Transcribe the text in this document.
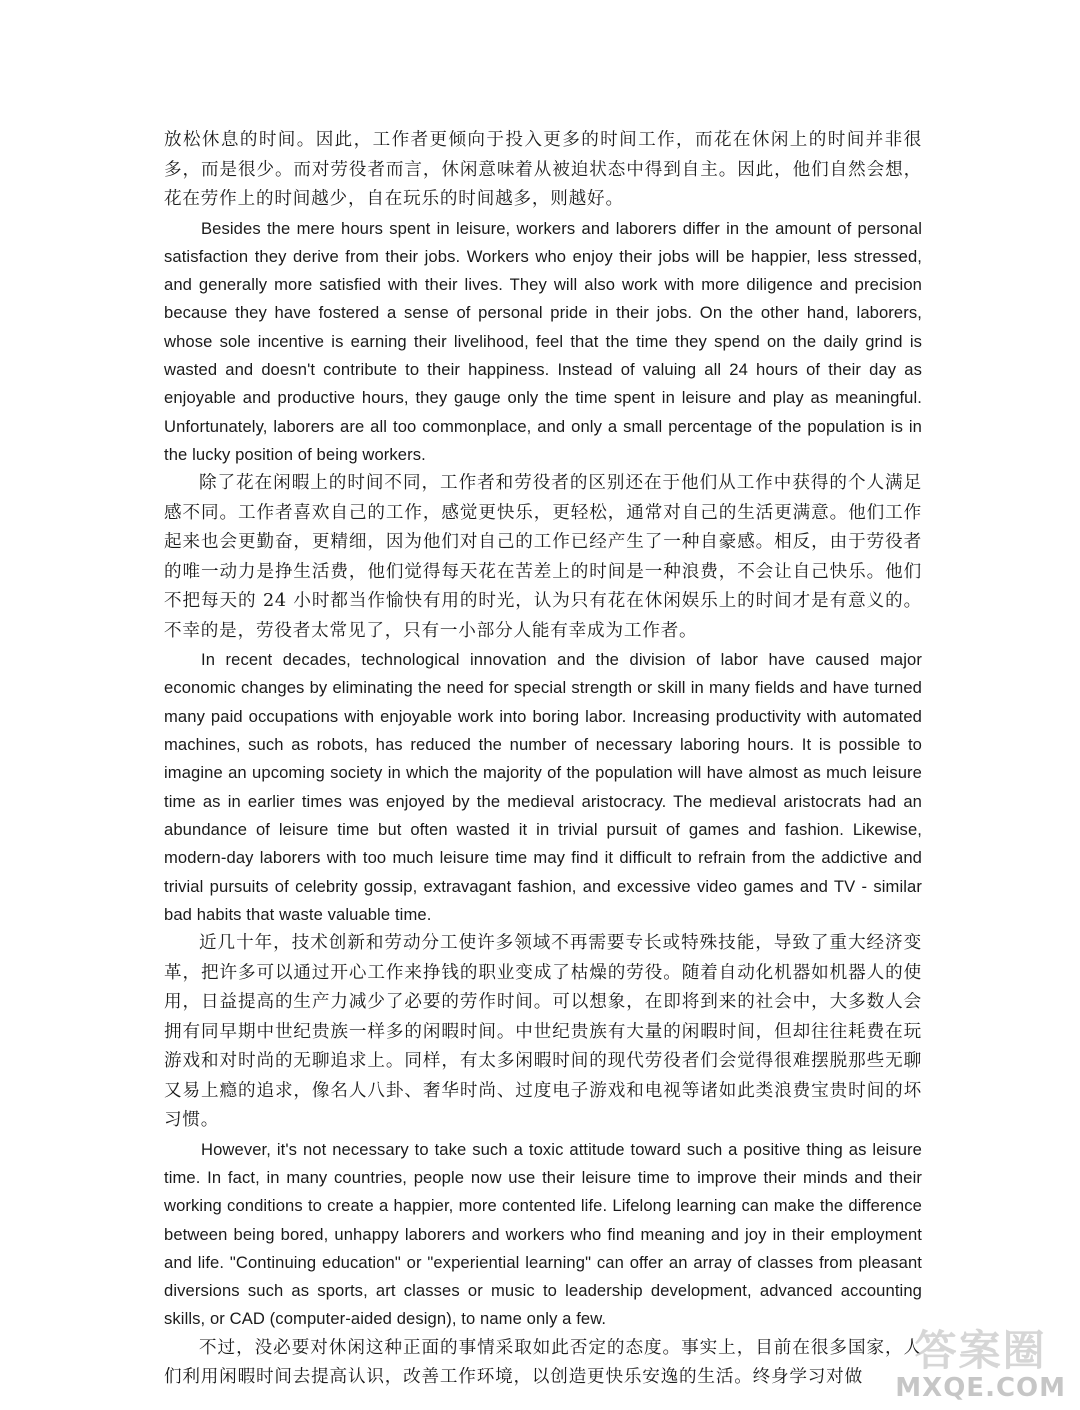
放松休息的时间。因此，工作者更倾向于投入更多的时间工作，而花在休闲上的时间并非很多，而是很少。而对劳役者而言，休闲意味着从被迫状态中得到自主。因此，他们自然会想，花在劳作上的时间越少，自在玩乐的时间越多，则越好。

Besides the mere hours spent in leisure, workers and laborers differ in the amount of personal satisfaction they derive from their jobs. Workers who enjoy their jobs will be happier, less stressed, and generally more satisfied with their lives. They will also work with more diligence and precision because they have fostered a sense of personal pride in their jobs. On the other hand, laborers, whose sole incentive is earning their livelihood, feel that the time they spend on the daily grind is wasted and doesn't contribute to their happiness. Instead of valuing all 24 hours of their day as enjoyable and productive hours, they gauge only the time spent in leisure and play as meaningful. Unfortunately, laborers are all too commonplace, and only a small percentage of the population is in the lucky position of being workers.

除了花在闲暇上的时间不同，工作者和劳役者的区别还在于他们从工作中获得的个人满足感不同。工作者喜欢自己的工作，感觉更快乐，更轻松，通常对自己的生活更满意。他们工作起来也会更勤奋，更精细，因为他们对自己的工作已经产生了一种自豪感。相反，由于劳役者的唯一动力是挣生活费，他们觉得每天花在苦差上的时间是一种浪费，不会让自己快乐。他们不把每天的 24 小时都当作愉快有用的时光，认为只有花在休闲娱乐上的时间才是有意义的。不幸的是，劳役者太常见了，只有一小部分人能有幸成为工作者。

In recent decades, technological innovation and the division of labor have caused major economic changes by eliminating the need for special strength or skill in many fields and have turned many paid occupations with enjoyable work into boring labor. Increasing productivity with automated machines, such as robots, has reduced the number of necessary laboring hours. It is possible to imagine an upcoming society in which the majority of the population will have almost as much leisure time as in earlier times was enjoyed by the medieval aristocracy. The medieval aristocrats had an abundance of leisure time but often wasted it in trivial pursuit of games and fashion. Likewise, modern-day laborers with too much leisure time may find it difficult to refrain from the addictive and trivial pursuits of celebrity gossip, extravagant fashion, and excessive video games and TV - similar bad habits that waste valuable time.

近几十年，技术创新和劳动分工使许多领域不再需要专长或特殊技能，导致了重大经济变革，把许多可以通过开心工作来挣钱的职业变成了枯燥的劳役。随着自动化机器如机器人的使用，日益提高的生产力减少了必要的劳作时间。可以想象，在即将到来的社会中，大多数人会拥有同早期中世纪贵族一样多的闲暇时间。中世纪贵族有大量的闲暇时间，但却往往耗费在玩游戏和对时尚的无聊追求上。同样，有太多闲暇时间的现代劳役者们会觉得很难摆脱那些无聊又易上瘾的追求，像名人八卦、奢华时尚、过度电子游戏和电视等诸如此类浪费宝贵时间的坏习惯。

However, it's not necessary to take such a toxic attitude toward such a positive thing as leisure time. In fact, in many countries, people now use their leisure time to improve their minds and their working conditions to create a happier, more contented life. Lifelong learning can make the difference between being bored, unhappy laborers and workers who find meaning and joy in their employment and life. "Continuing education" or "experiential learning" can offer an array of classes from pleasant diversions such as sports, art classes or music to leadership development, advanced accounting skills, or CAD (computer-aided design), to name only a few.

不过，没必要对休闲这种正面的事情采取如此否定的态度。事实上，目前在很多国家，人们利用闲暇时间去提高认识，改善工作环境，以创造更快乐安逸的生活。终身学习对做

答案圈
MXQE.COM
